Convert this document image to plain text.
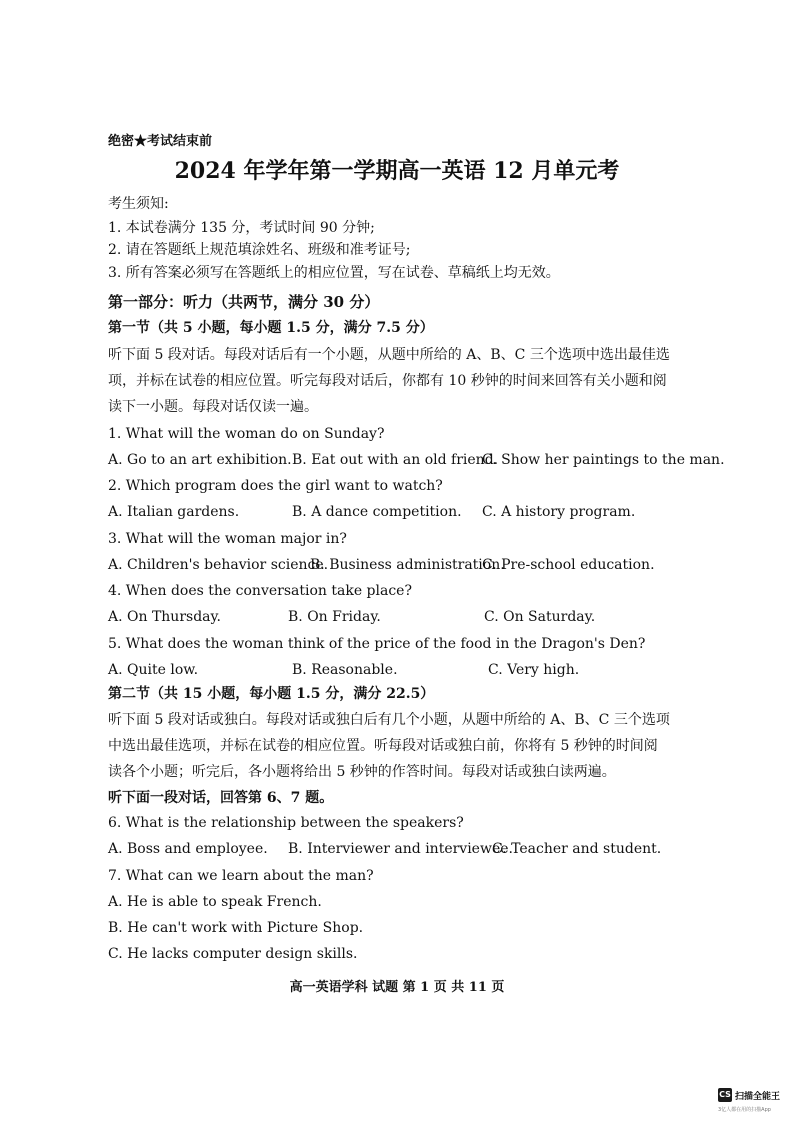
绝密★考试结束前
2024 年学年第一学期高一英语 12 月单元考
考生须知:
1. 本试卷满分 135 分，考试时间 90 分钟;
2. 请在答题纸上规范填涂姓名、班级和准考证号;
3. 所有答案必须写在答题纸上的相应位置，写在试卷、草稿纸上均无效。
第一部分：听力（共两节，满分 30 分）
第一节（共 5 小题，每小题 1.5 分，满分 7.5 分）
听下面 5 段对话。每段对话后有一个小题，从题中所给的 A、B、C 三个选项中选出最佳选
项，并标在试卷的相应位置。听完每段对话后，你都有 10 秒钟的时间来回答有关小题和阅
读下一小题。每段对话仅读一遍。
1. What will the woman do on Sunday?
A. Go to an art exhibition. B. Eat out with an old friend.
C. Show her paintings to the man.
2. Which program does the girl want to watch?
A. Italian gardens.	B. A dance competition. C. A history program.
3. What will the woman major in?
A. Children's behavior science.
B. Business administration.
C. Pre-school education.
4. When does the conversation take place?
A. On Thursday.	B. On Friday.	C. On Saturday.
5. What does the woman think of the price of the food in the Dragon's Den?
A. Quite low.	B. Reasonable.	C. Very high.
第二节（共 15 小题，每小题 1.5 分，满分 22.5）
听下面 5 段对话或独白。每段对话或独白后有几个小题，从题中所给的 A、B、C 三个选项
中选出最佳选项，并标在试卷的相应位置。听每段对话或独白前，你将有 5 秒钟的时间阅
读各个小题；听完后，各小题将给出 5 秒钟的作答时间。每段对话或独白读两遍。
听下面一段对话，回答第 6、7 题。
6. What is the relationship between the speakers?
A. Boss and employee. B. Interviewer and interviewee.
C. Teacher and student.
7. What can we learn about the man?
A. He is able to speak French.
B. He can't work with Picture Shop.
C. He lacks computer design skills.
高一英语学科 试题 第 1 页 共 11 页
CS 扫描全能王
3亿人都在用的扫描App
